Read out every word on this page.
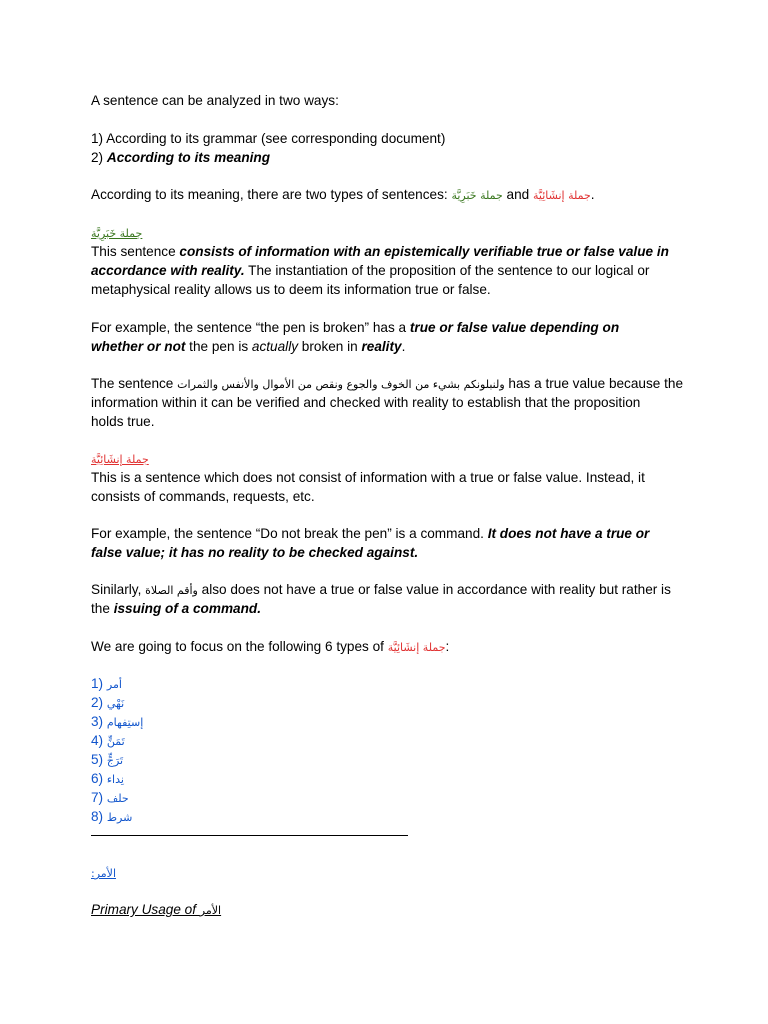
A sentence can be analyzed in two ways:
1) According to its grammar (see corresponding document)
2) According to its meaning
According to its meaning, there are two types of sentences: جملة خَبَرِيَّة and جملة إنشَائِيَّة.
جملة خَبَرِيَّة
This sentence consists of information with an epistemically verifiable true or false value in
accordance with reality. The instantiation of the proposition of the sentence to our logical or
metaphysical reality allows us to deem its information true or false.
For example, the sentence “the pen is broken” has a true or false value depending on
whether or not the pen is actually broken in reality.
The sentence ولنبلونكم بشيء من الخوف والجوع ونقص من الأموال والأنفس والثمرات has a true value because the
information within it can be verified and checked with reality to establish that the proposition
holds true.
جملة إنشَائِيَّة
This is a sentence which does not consist of information with a true or false value. Instead, it
consists of commands, requests, etc.
For example, the sentence “Do not break the pen” is a command. It does not have a true or
false value; it has no reality to be checked against.
Sinilarly, وأقم الصلاة also does not have a true or false value in accordance with reality but rather is
the issuing of a command.
We are going to focus on the following 6 types of جملة إنشَائِيَّة:
1) أمر
2) نَهْي
3) إستِفهام
4) تَمَنٍّ
5) تَرَجٍّ
6) نِداء
7) حلف
8) شرط
الأمر:
Primary Usage of الأمر
